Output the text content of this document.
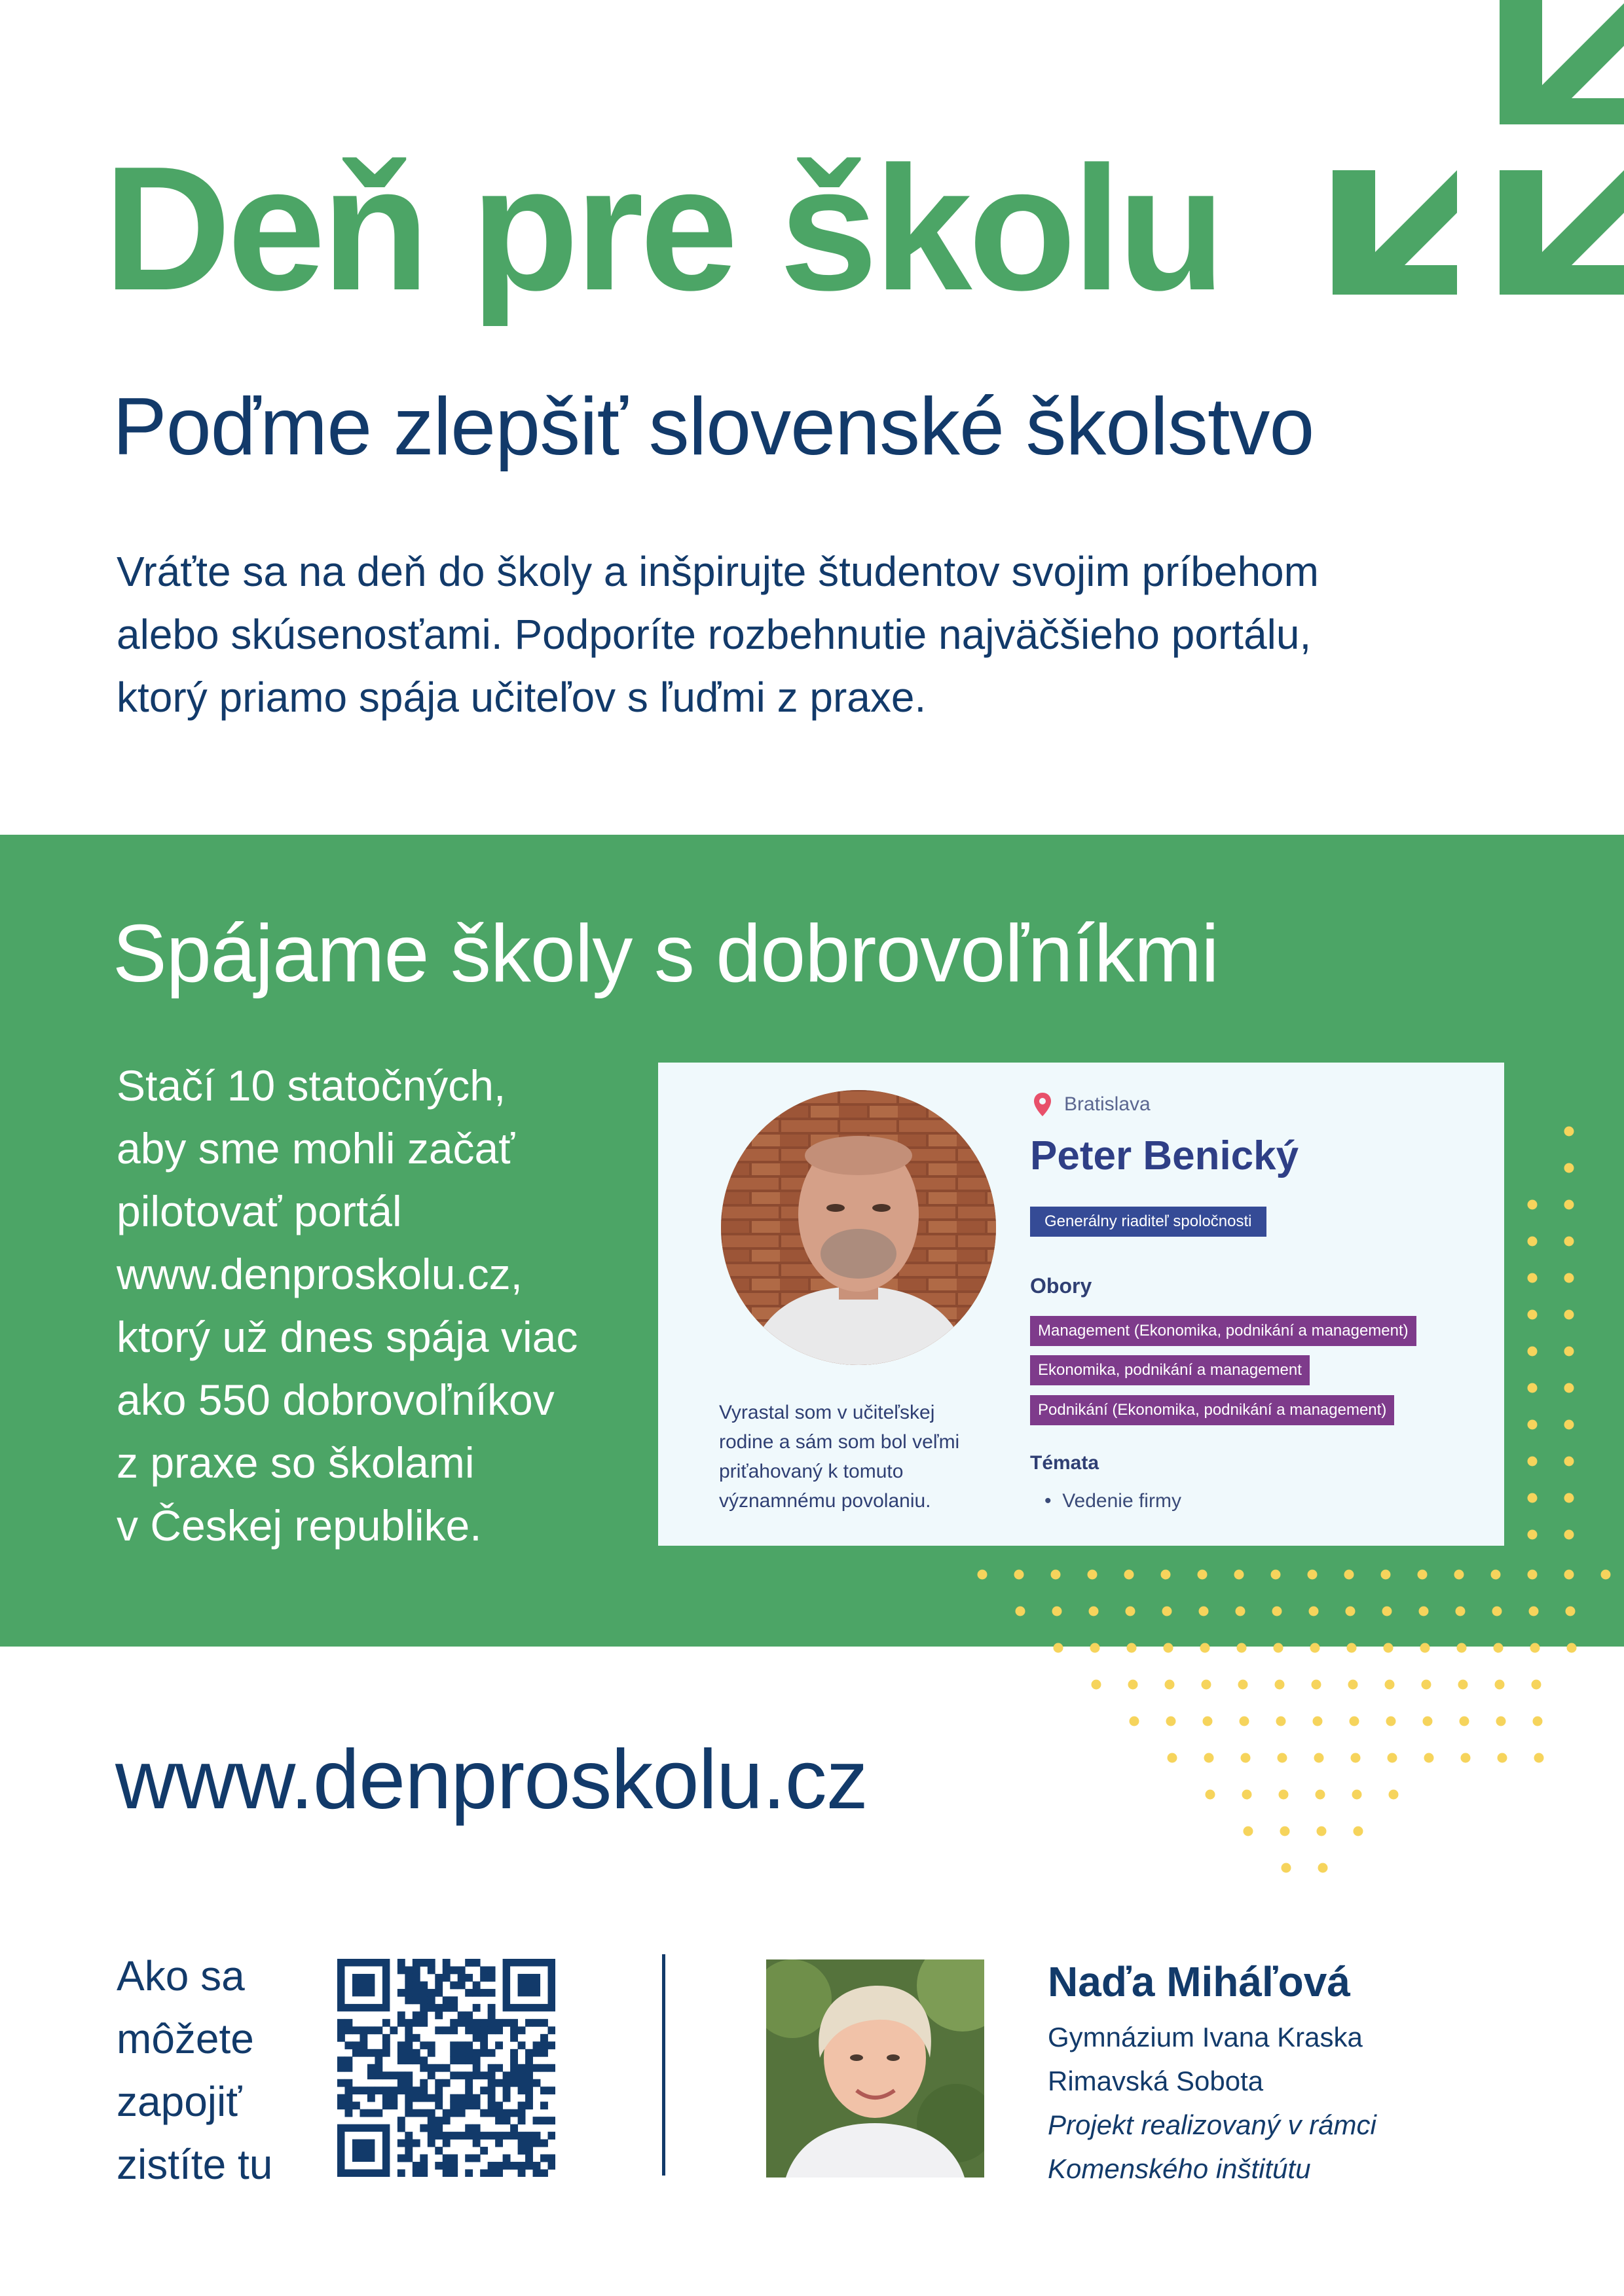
Deň pre školu
Poďme zlepšiť slovenské školstvo
Vráťte sa na deň do školy a inšpirujte študentov svojim príbehom
alebo skúsenosťami. Podporíte rozbehnutie najväčšieho portálu,
ktorý priamo spája učiteľov s ľuďmi z praxe.
Spájame školy s dobrovoľníkmi
Stačí 10 statočných,
aby sme mohli začať
pilotovať portál
www.denproskolu.cz,
ktorý už dnes spája viac
ako 550 dobrovoľníkov
z praxe so školami
v Českej republike.
Vyrastal som v učiteľskej
rodine a sám som bol veľmi
priťahovaný k tomuto
významnému povolaniu.
Bratislava
Peter Benický
Generálny riaditeľ spoločnosti
Obory
Management (Ekonomika, podnikání a management)
Ekonomika, podnikání a management
Podnikání (Ekonomika, podnikání a management)
Témata
•  Vedenie firmy
www.denproskolu.cz
Ako sa
môžete
zapojiť
zistíte tu
Naďa Miháľová
Gymnázium Ivana Kraska
Rimavská Sobota
Projekt realizovaný v rámci
Komenského inštitútu
